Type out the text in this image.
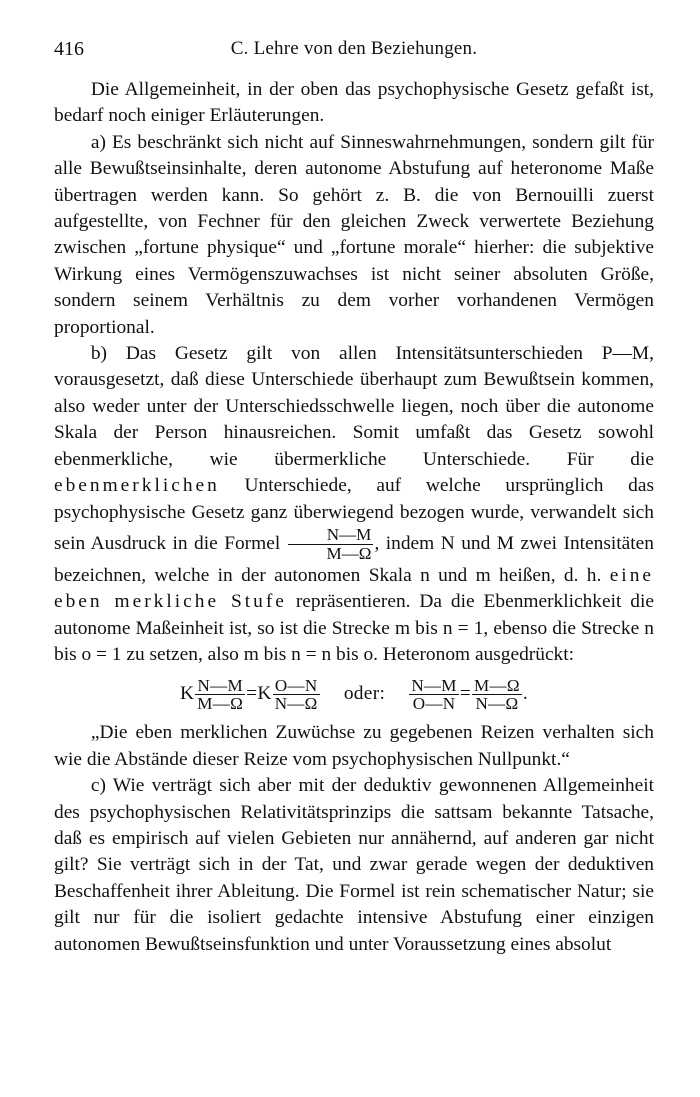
416	C. Lehre von den Beziehungen.

Die Allgemeinheit, in der oben das psychophysische Gesetz gefaßt ist, bedarf noch einiger Erläuterungen.

a) Es beschränkt sich nicht auf Sinneswahrnehmungen, sondern gilt für alle Bewußtseinsinhalte, deren autonome Abstufung auf heteronome Maße übertragen werden kann. So gehört z. B. die von Bernouilli zuerst aufgestellte, von Fechner für den gleichen Zweck verwertete Beziehung zwischen „fortune physique“ und „fortune morale“ hierher: die subjektive Wirkung eines Vermögenszuwachses ist nicht seiner absoluten Größe, sondern seinem Verhältnis zu dem vorher vorhandenen Vermögen proportional.

b) Das Gesetz gilt von allen Intensitätsunterschieden P—M, vorausgesetzt, daß diese Unterschiede überhaupt zum Bewußtsein kommen, also weder unter der Unterschiedsschwelle liegen, noch über die autonome Skala der Person hinausreichen. Somit umfaßt das Gesetz sowohl ebenmerkliche, wie übermerkliche Unterschiede. Für die ebenmerklichen Unterschiede, auf welche ursprünglich das psychophysische Gesetz ganz überwiegend bezogen wurde, verwandelt sich sein Ausdruck in die Formel $\frac{N—M}{M—\Omega}$ , indem N und M zwei Intensitäten bezeichnen, welche in der autonomen Skala n und m heißen, d. h. eine eben merkliche Stufe repräsentieren. Da die Ebenmerklichkeit die autonome Maßeinheit ist, so ist die Strecke m bis n = 1, ebenso die Strecke n bis o = 1 zu setzen, also m bis n = n bis o. Heteronom ausgedrückt:

K $\frac{N—M}{M—\Omega} =K \frac{O—N}{N—\Omega}$ oder: $\frac{N—M}{O—N} = \frac{M—\Omega}{N—\Omega}$ .

„Die eben merklichen Zuwüchse zu gegebenen Reizen verhalten sich wie die Abstände dieser Reize vom psychophysischen Nullpunkt.“

c) Wie verträgt sich aber mit der deduktiv gewonnenen Allgemeinheit des psychophysischen Relativitätsprinzips die sattsam bekannte Tatsache, daß es empirisch auf vielen Gebieten nur annähernd, auf anderen gar nicht gilt? Sie verträgt sich in der Tat, und zwar gerade wegen der deduktiven Beschaffenheit ihrer Ableitung. Die Formel ist rein schematischer Natur; sie gilt nur für die isoliert gedachte intensive Abstufung einer einzigen autonomen Bewußtseinsfunktion und unter Voraussetzung eines absolut
